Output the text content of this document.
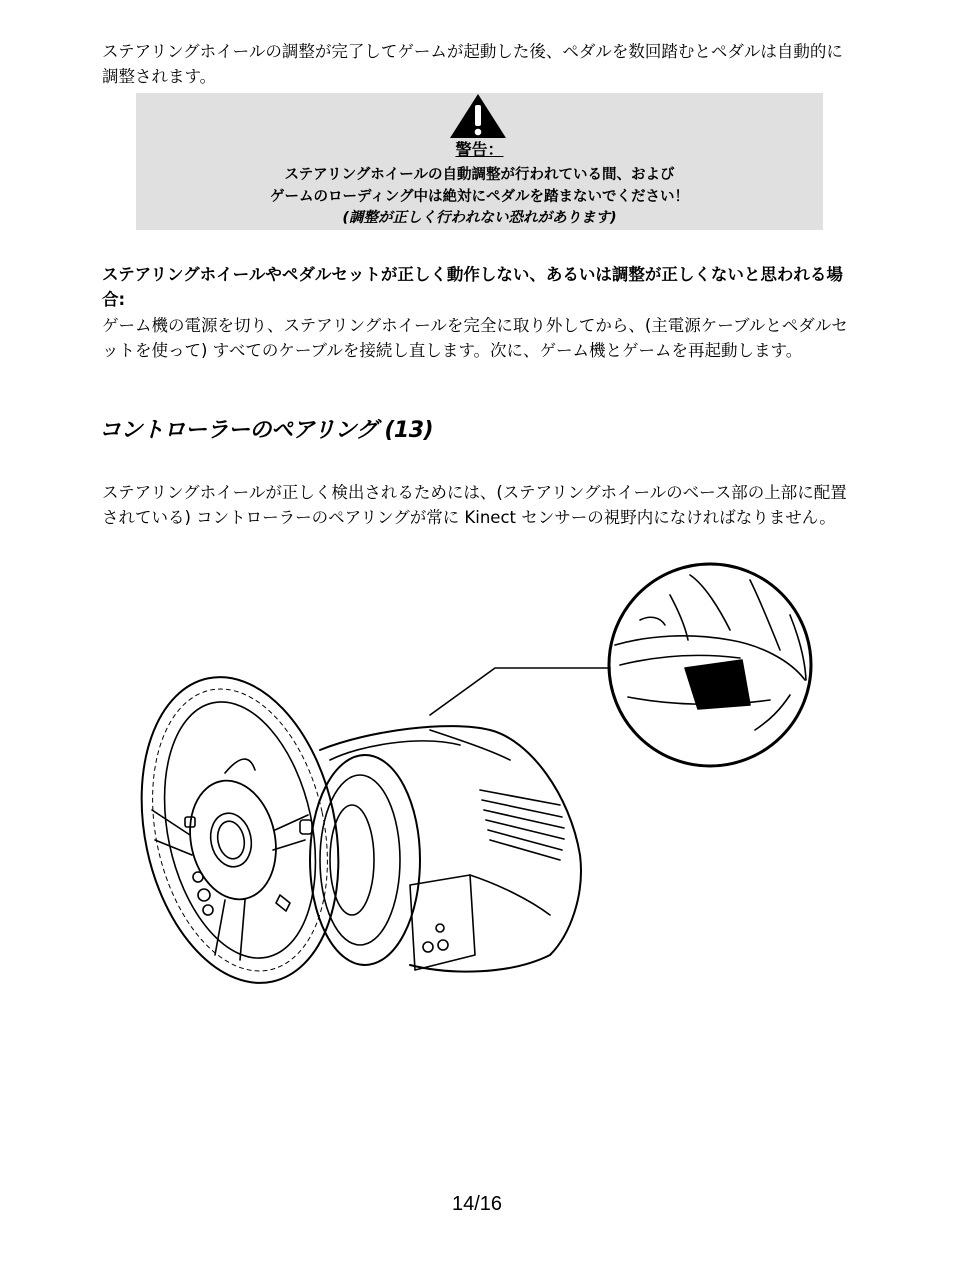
ステアリングホイールの調整が完了してゲームが起動した後、ペダルを数回踏むとペダルは自動的に調整されます。

警告：
ステアリングホイールの自動調整が行われている間、および
ゲームのローディング中は絶対にペダルを踏まないでください！
(調整が正しく行われない恐れがあります)

ステアリングホイールやペダルセットが正しく動作しない、あるいは調整が正しくないと思われる場合:

ゲーム機の電源を切り、ステアリングホイールを完全に取り外してから、(主電源ケーブルとペダルセットを使って) すべてのケーブルを接続し直します。次に、ゲーム機とゲームを再起動します。

コントローラーのペアリング (13)

ステアリングホイールが正しく検出されるためには、(ステアリングホイールのベース部の上部に配置されている) コントローラーのペアリングが常に Kinect センサーの視野内になければなりません。

14/16
